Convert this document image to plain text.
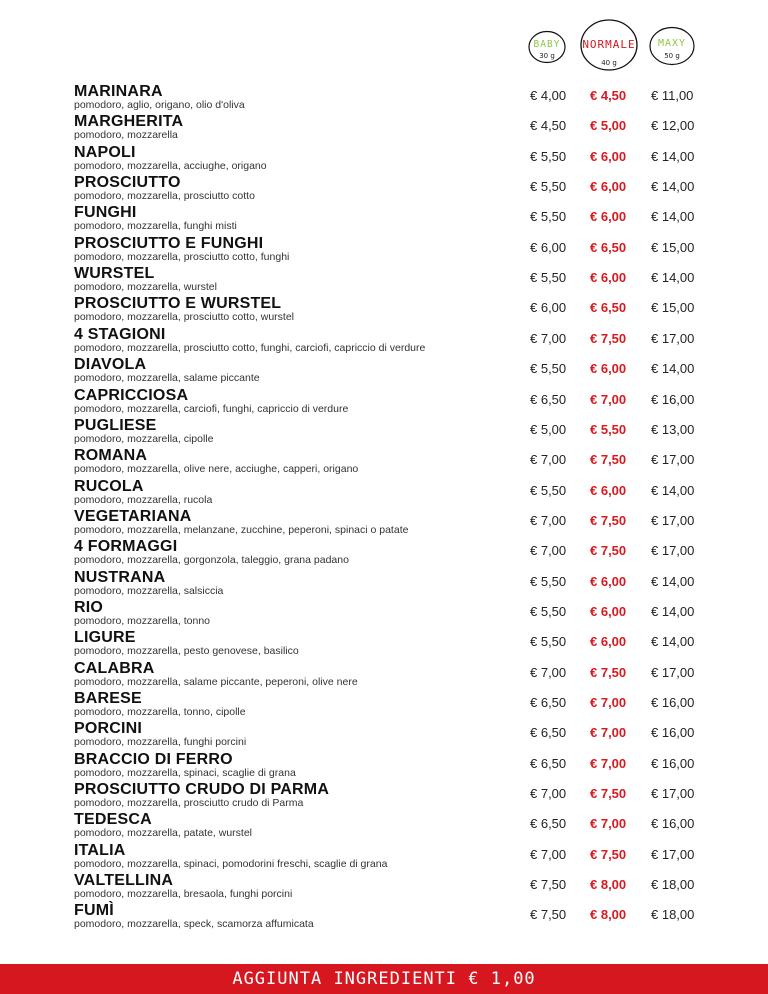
BABY
30 g
NORMALE
40 g
MAXY
50 g
MARINARA
pomodoro, aglio, origano, olio d'oliva
€ 4,00 € 4,50 € 11,00
MARGHERITA
pomodoro, mozzarella
€ 4,50 € 5,00 € 12,00
NAPOLI
pomodoro, mozzarella, acciughe, origano
€ 5,50 € 6,00 € 14,00
PROSCIUTTO
pomodoro, mozzarella, prosciutto cotto
€ 5,50 € 6,00 € 14,00
FUNGHI
pomodoro, mozzarella, funghi misti
€ 5,50 € 6,00 € 14,00
PROSCIUTTO E FUNGHI
pomodoro, mozzarella, prosciutto cotto, funghi
€ 6,00 € 6,50 € 15,00
WURSTEL
pomodoro, mozzarella, wurstel
€ 5,50 € 6,00 € 14,00
PROSCIUTTO E WURSTEL
pomodoro, mozzarella, prosciutto cotto, wurstel
€ 6,00 € 6,50 € 15,00
4 STAGIONI
pomodoro, mozzarella, prosciutto cotto, funghi, carciofi, capriccio di verdure
€ 7,00 € 7,50 € 17,00
DIAVOLA
pomodoro, mozzarella, salame piccante
€ 5,50 € 6,00 € 14,00
CAPRICCIOSA
pomodoro, mozzarella, carciofi, funghi, capriccio di verdure
€ 6,50 € 7,00 € 16,00
PUGLIESE
pomodoro, mozzarella, cipolle
€ 5,00 € 5,50 € 13,00
ROMANA
pomodoro, mozzarella, olive nere, acciughe, capperi, origano
€ 7,00 € 7,50 € 17,00
RUCOLA
pomodoro, mozzarella, rucola
€ 5,50 € 6,00 € 14,00
VEGETARIANA
pomodoro, mozzarella, melanzane, zucchine, peperoni, spinaci o patate
€ 7,00 € 7,50 € 17,00
4 FORMAGGI
pomodoro, mozzarella, gorgonzola, taleggio, grana padano
€ 7,00 € 7,50 € 17,00
NUSTRANA
pomodoro, mozzarella, salsiccia
€ 5,50 € 6,00 € 14,00
RIO
pomodoro, mozzarella, tonno
€ 5,50 € 6,00 € 14,00
LIGURE
pomodoro, mozzarella, pesto genovese, basilico
€ 5,50 € 6,00 € 14,00
CALABRA
pomodoro, mozzarella, salame piccante, peperoni, olive nere
€ 7,00 € 7,50 € 17,00
BARESE
pomodoro, mozzarella, tonno, cipolle
€ 6,50 € 7,00 € 16,00
PORCINI
pomodoro, mozzarella, funghi porcini
€ 6,50 € 7,00 € 16,00
BRACCIO DI FERRO
pomodoro, mozzarella, spinaci, scaglie di grana
€ 6,50 € 7,00 € 16,00
PROSCIUTTO CRUDO DI PARMA
pomodoro, mozzarella, prosciutto crudo di Parma
€ 7,00 € 7,50 € 17,00
TEDESCA
pomodoro, mozzarella, patate, wurstel
€ 6,50 € 7,00 € 16,00
ITALIA
pomodoro, mozzarella, spinaci, pomodorini freschi, scaglie di grana
€ 7,00 € 7,50 € 17,00
VALTELLINA
pomodoro, mozzarella, bresaola, funghi porcini
€ 7,50 € 8,00 € 18,00
FUMÌ
pomodoro, mozzarella, speck, scamorza affumicata
€ 7,50 € 8,00 € 18,00
AGGIUNTA INGREDIENTI € 1,00
